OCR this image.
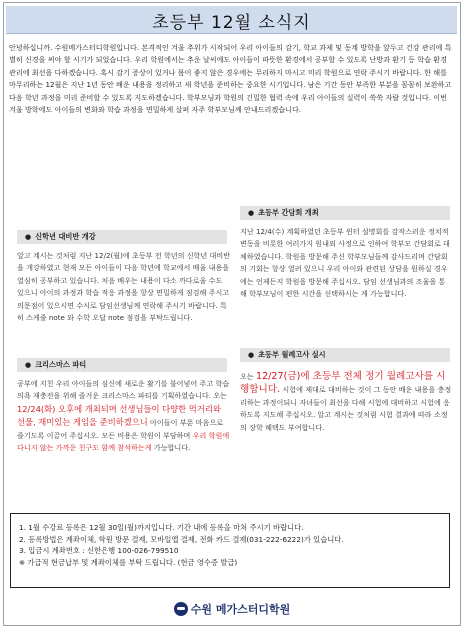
초등부 12월 소식지

안녕하십니까. 수원메가스터디학원입니다. 본격적인 겨울 추위가 시작되어 우리 아이들의 감기, 학교 과제 및 동계 방학을 앞두고 건강 관리에 특별히 신경을 써야 할 시기가 되었습니다. 우리 학원에서는 추운 날씨에도 아이들이 따뜻한 환경에서 공부할 수 있도록 난방과 환기 등 학습 환경 관리에 최선을 다하겠습니다. 혹시 감기 증상이 있거나 몸이 좋지 않은 경우에는 무리하지 마시고 미리 학원으로 연락 주시기 바랍니다. 한 해를 마무리하는 12월은 지난 1년 동안 배운 내용을 정리하고 새 학년을 준비하는 중요한 시기입니다. 남은 기간 동안 부족한 부분을 꼼꼼히 보완하고 다음 학년 과정을 미리 준비할 수 있도록 지도하겠습니다. 학부모님과 학원의 긴밀한 협력 속에 우리 아이들의 실력이 쑥쑥 자랄 것입니다. 이번 겨울 방학에도 아이들의 변화와 학습 과정을 면밀하게 살펴 자주 학부모님께 안내드리겠습니다.

● 신학년 대비반 개강
알고 계시는 것처럼 지난 12/2(월)에 초등부 전 학년의 신학년 대비반을 개강하였고 현재 모든 아이들이 다음 학년에 학교에서 배울 내용을 열심히 공부하고 있습니다. 처음 배우는 내용이 다소 까다로울 수도 있으니 아이의 과정과 학습 적응 과정을 항상 면밀하게 점검해 주시고 의문점이 있으시면 수시로 담임선생님께 연락해 주시기 바랍니다. 특히 스케줄 note 와 수학 오답 note 점검을 부탁드립니다.
● 크리스마스 파티
공부에 지친 우리 아이들의 심신에 새로운 활기를 불어넣어 주고 학습 의욕 재충전을 위해 즐거운 크리스마스 파티를 기획하였습니다. 오는 12/24(화) 오후에 개최되며 선생님들이 다양한 먹거리와 선물, 재미있는 게임을 준비하겠으니 아이들이 부푼 마음으로 즐기도록 이끌어 주십시오. 모든 비용은 학원이 부담하며 우리 학원에 다니지 않는 가까운 친구도 함께 참석하는게 가능합니다.
● 초등부 간담회 개최
지난 12/4(수) 계획하였던 초등부 윈터 설명회를 감작스러운 정치적 변동을 비롯한 여러가지 원내외 사정으로 인하여 학부모 간담회로 대체하였습니다. 학원을 방문해 주신 학부모님들께 감사드리며 간담회의 기회는 항상 열려 있으니 우리 아이와 관련된 상담을 원하실 경우에는 언제든지 학원을 방문해 주십시오. 담임 선생님과의 조율을 통해 학부모님이 편한 시간을 선택하시는 게 가능합니다.
● 초등부 월례고사 실시
오는 12/27(금)에 초등부 전체 정기 월례고사를 시행합니다. 시험에 제대로 대비하는 것이 그 동안 배운 내용을 충정리하는 과정이되니 자녀들이 최선을 다해 시험에 대비하고 시험에 응하도록 지도해 주십시오. 알고 계시는 것처럼 시험 결과에 따라 소정의 장학 혜택도 부여합니다.
1. 1월 수강료 등록은 12월 30일(월)까지입니다. 기간 내에 등록을 마쳐 주시기 바랍니다.
2. 등록방법은 계좌이체, 학원 방문 결제, 모바일앱 결제, 전화 카드 결제(031-222-6222)가 있습니다.
3. 입금시 계좌번호 : 신한은행 100-026-799510
※ 가급적 현금납부 및 계좌이체를 부탁 드립니다. (현금 영수증 발급)
수원 메가스터디학원
